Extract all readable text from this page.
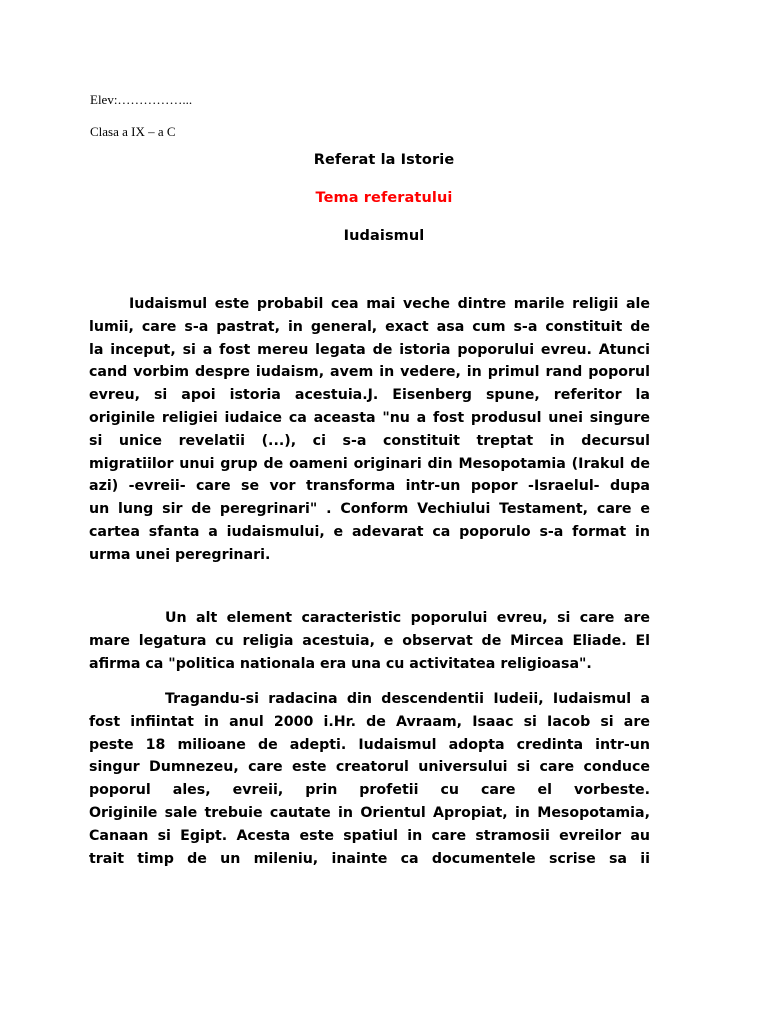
Elev:……………...
Clasa a IX – a C
Referat la Istorie
Tema referatului
Iudaismul
Iudaismul este probabil cea mai veche dintre marile religii ale
lumii, care s-a pastrat, in general, exact asa cum s-a constituit de
la inceput, si a fost mereu legata de istoria poporului evreu. Atunci
cand vorbim despre iudaism, avem in vedere, in primul rand poporul
evreu, si apoi istoria acestuia.J. Eisenberg spune, referitor la
originile religiei iudaice ca aceasta "nu a fost produsul unei singure
si unice revelatii (...), ci s-a constituit treptat in decursul
migratiilor unui grup de oameni originari din Mesopotamia (Irakul de
azi) -evreii- care se vor transforma intr-un popor -Israelul- dupa
un lung sir de peregrinari" . Conform Vechiului Testament, care e
cartea sfanta a iudaismului, e adevarat ca poporulo s-a format in
urma unei peregrinari.
Un alt element caracteristic poporului evreu, si care are
mare legatura cu religia acestuia, e observat de Mircea Eliade. El
afirma ca "politica nationala era una cu activitatea religioasa".
Tragandu-si radacina din descendentii Iudeii, Iudaismul a
fost infiintat in anul 2000 i.Hr. de Avraam, Isaac si Iacob si are
peste 18 milioane de adepti. Iudaismul adopta credinta intr-un
singur Dumnezeu, care este creatorul universului si care conduce
poporul ales, evreii, prin profetii cu care el vorbeste.
Originile sale trebuie cautate in Orientul Apropiat, in Mesopotamia,
Canaan si Egipt. Acesta este spatiul in care stramosii evreilor au
trait timp de un mileniu, inainte ca documentele scrise sa ii
